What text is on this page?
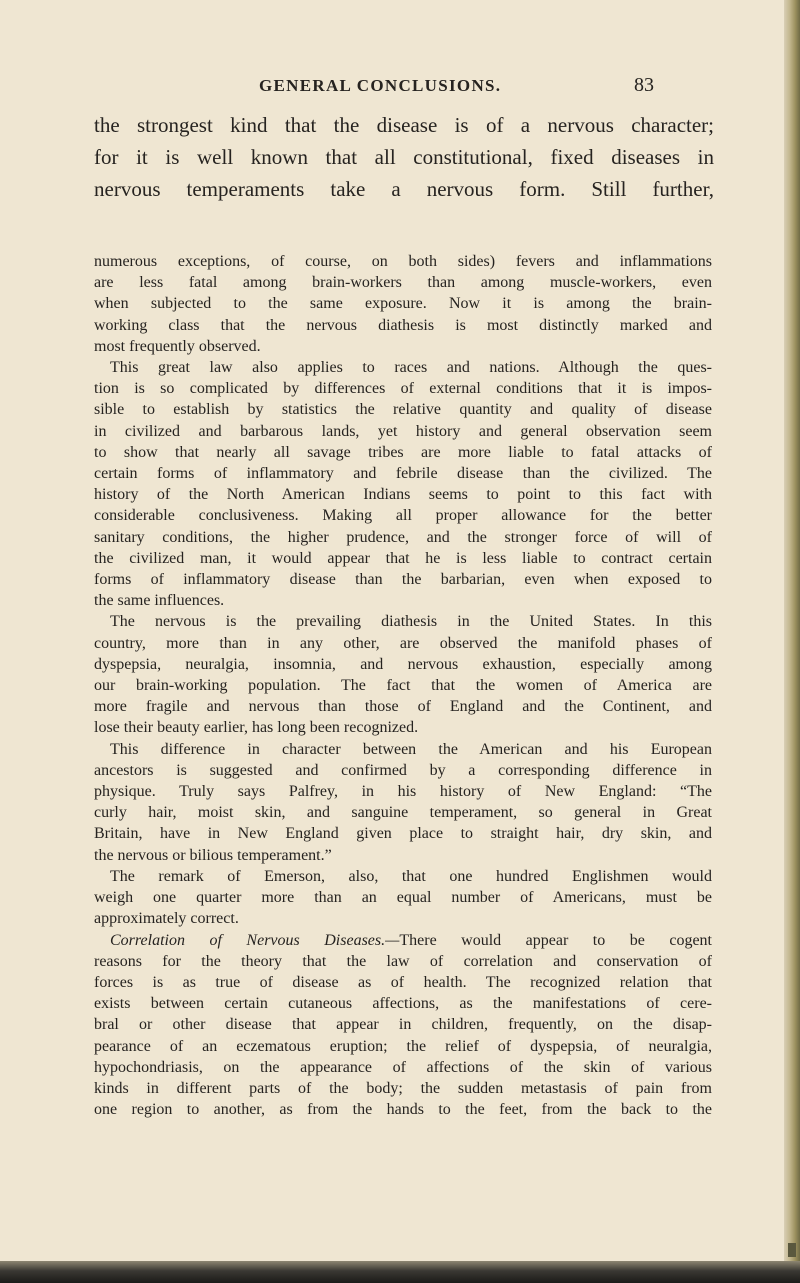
GENERAL CONCLUSIONS.	83
the strongest kind that the disease is of a nervous character;
for it is well known that all constitutional, fixed diseases in
nervous temperaments take a nervous form. Still further,
numerous exceptions, of course, on both sides) fevers and inflammations
are less fatal among brain-workers than among muscle-workers, even
when subjected to the same exposure. Now it is among the brain-
working class that the nervous diathesis is most distinctly marked and
most frequently observed.
This great law also applies to races and nations. Although the ques-
tion is so complicated by differences of external conditions that it is impos-
sible to establish by statistics the relative quantity and quality of disease
in civilized and barbarous lands, yet history and general observation seem
to show that nearly all savage tribes are more liable to fatal attacks of
certain forms of inflammatory and febrile disease than the civilized. The
history of the North American Indians seems to point to this fact with
considerable conclusiveness. Making all proper allowance for the better
sanitary conditions, the higher prudence, and the stronger force of will of
the civilized man, it would appear that he is less liable to contract certain
forms of inflammatory disease than the barbarian, even when exposed to
the same influences.
The nervous is the prevailing diathesis in the United States. In this
country, more than in any other, are observed the manifold phases of
dyspepsia, neuralgia, insomnia, and nervous exhaustion, especially among
our brain-working population. The fact that the women of America are
more fragile and nervous than those of England and the Continent, and
lose their beauty earlier, has long been recognized.
This difference in character between the American and his European
ancestors is suggested and confirmed by a corresponding difference in
physique. Truly says Palfrey, in his history of New England: “The
curly hair, moist skin, and sanguine temperament, so general in Great
Britain, have in New England given place to straight hair, dry skin, and
the nervous or bilious temperament.”
The remark of Emerson, also, that one hundred Englishmen would
weigh one quarter more than an equal number of Americans, must be
approximately correct.
Correlation of Nervous Diseases.—There would appear to be cogent
reasons for the theory that the law of correlation and conservation of
forces is as true of disease as of health. The recognized relation that
exists between certain cutaneous affections, as the manifestations of cere-
bral or other disease that appear in children, frequently, on the disap-
pearance of an eczematous eruption; the relief of dyspepsia, of neuralgia,
hypochondriasis, on the appearance of affections of the skin of various
kinds in different parts of the body; the sudden metastasis of pain from
one region to another, as from the hands to the feet, from the back to the
